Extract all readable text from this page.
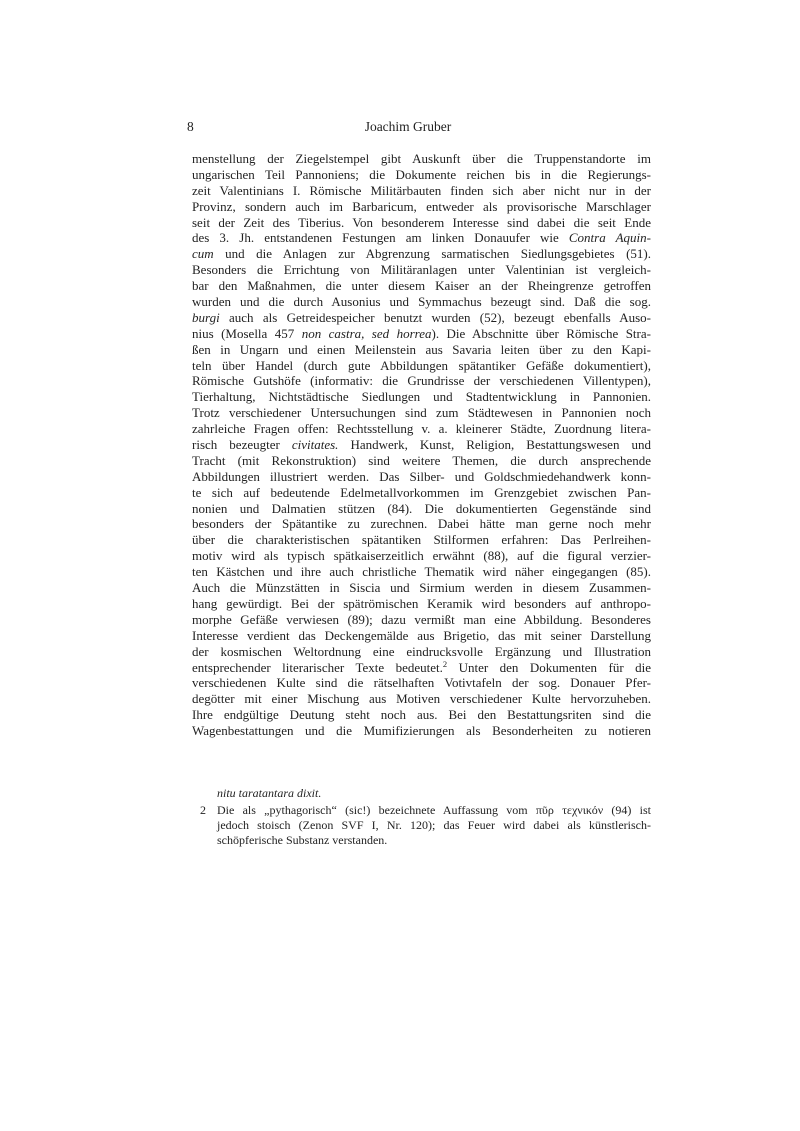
8	Joachim Gruber
menstellung der Ziegelstempel gibt Auskunft über die Truppenstandorte im
ungarischen Teil Pannoniens; die Dokumente reichen bis in die Regierungs-
zeit Valentinians I. Römische Militärbauten finden sich aber nicht nur in der
Provinz, sondern auch im Barbaricum, entweder als provisorische Marschlager
seit der Zeit des Tiberius. Von besonderem Interesse sind dabei die seit Ende
des 3. Jh. entstandenen Festungen am linken Donauufer wie Contra Aquin-
cum und die Anlagen zur Abgrenzung sarmatischen Siedlungsgebietes (51).
Besonders die Errichtung von Militäranlagen unter Valentinian ist vergleich-
bar den Maßnahmen, die unter diesem Kaiser an der Rheingrenze getroffen
wurden und die durch Ausonius und Symmachus bezeugt sind. Daß die sog.
burgi auch als Getreidespeicher benutzt wurden (52), bezeugt ebenfalls Auso-
nius (Mosella 457 non castra, sed horrea). Die Abschnitte über Römische Stra-
ßen in Ungarn und einen Meilenstein aus Savaria leiten über zu den Kapi-
teln über Handel (durch gute Abbildungen spätantiker Gefäße dokumentiert),
Römische Gutshöfe (informativ: die Grundrisse der verschiedenen Villentypen),
Tierhaltung, Nichtstädtische Siedlungen und Stadtentwicklung in Pannonien.
Trotz verschiedener Untersuchungen sind zum Städtewesen in Pannonien noch
zahrleiche Fragen offen: Rechtsstellung v. a. kleinerer Städte, Zuordnung litera-
risch bezeugter civitates. Handwerk, Kunst, Religion, Bestattungswesen und
Tracht (mit Rekonstruktion) sind weitere Themen, die durch ansprechende
Abbildungen illustriert werden. Das Silber- und Goldschmiedehandwerk konn-
te sich auf bedeutende Edelmetallvorkommen im Grenzgebiet zwischen Pan-
nonien und Dalmatien stützen (84). Die dokumentierten Gegenstände sind
besonders der Spätantike zu zurechnen. Dabei hätte man gerne noch mehr
über die charakteristischen spätantiken Stilformen erfahren: Das Perlreihen-
motiv wird als typisch spätkaiserzeitlich erwähnt (88), auf die figural verzier-
ten Kästchen und ihre auch christliche Thematik wird näher eingegangen (85).
Auch die Münzstätten in Siscia und Sirmium werden in diesem Zusammen-
hang gewürdigt. Bei der spätrömischen Keramik wird besonders auf anthropo-
morphe Gefäße verwiesen (89); dazu vermißt man eine Abbildung. Besonderes
Interesse verdient das Deckengemälde aus Brigetio, das mit seiner Darstellung
der kosmischen Weltordnung eine eindrucksvolle Ergänzung und Illustration
entsprechender literarischer Texte bedeutet.$^2$ Unter den Dokumenten für die
verschiedenen Kulte sind die rätselhaften Votivtafeln der sog. Donauer Pfer-
degötter mit einer Mischung aus Motiven verschiedener Kulte hervorzuheben.
Ihre endgültige Deutung steht noch aus. Bei den Bestattungsriten sind die
Wagenbestattungen und die Mumifizierungen als Besonderheiten zu notieren
nitu taratantara dixit.
2 Die als „pythagorisch“ (sic!) bezeichnete Auffassung vom πῦρ τεχνικόν (94) ist
jedoch stoisch (Zenon SVF I, Nr. 120); das Feuer wird dabei als künstlerisch-
schöpferische Substanz verstanden.
